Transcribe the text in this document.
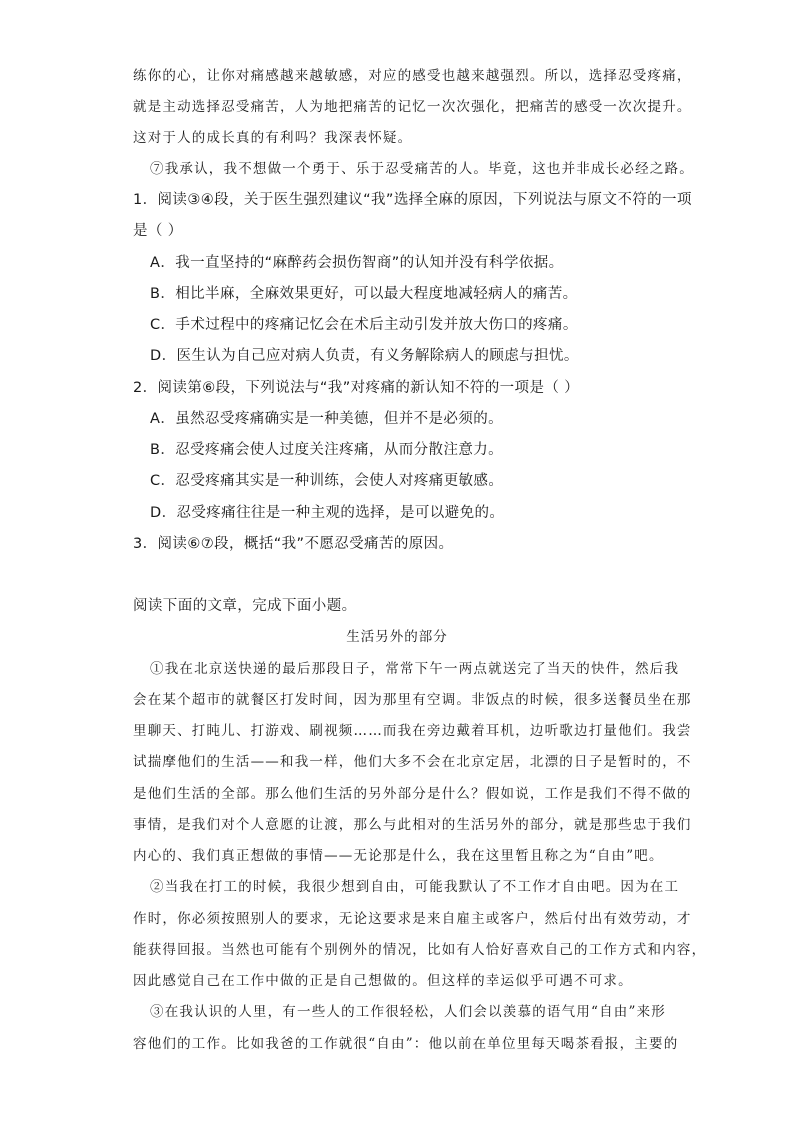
练你的心，让你对痛感越来越敏感，对应的感受也越来越强烈。所以，选择忍受疼痛，
就是主动选择忍受痛苦，人为地把痛苦的记忆一次次强化，把痛苦的感受一次次提升。
这对于人的成长真的有利吗？我深表怀疑。
⑦我承认，我不想做一个勇于、乐于忍受痛苦的人。毕竟，这也并非成长必经之路。
1．阅读③④段，关于医生强烈建议“我”选择全麻的原因，下列说法与原文不符的一项
是（ ）
A．我一直坚持的“麻醉药会损伤智商”的认知并没有科学依据。
B．相比半麻，全麻效果更好，可以最大程度地减轻病人的痛苦。
C．手术过程中的疼痛记忆会在术后主动引发并放大伤口的疼痛。
D．医生认为自己应对病人负责，有义务解除病人的顾虑与担忧。
2．阅读第⑥段，下列说法与“我”对疼痛的新认知不符的一项是（ ）
A．虽然忍受疼痛确实是一种美德，但并不是必须的。
B．忍受疼痛会使人过度关注疼痛，从而分散注意力。
C．忍受疼痛其实是一种训练，会使人对疼痛更敏感。
D．忍受疼痛往往是一种主观的选择，是可以避免的。
3．阅读⑥⑦段，概括“我”不愿忍受痛苦的原因。
阅读下面的文章，完成下面小题。
生活另外的部分
①我在北京送快递的最后那段日子，常常下午一两点就送完了当天的快件，然后我
会在某个超市的就餐区打发时间，因为那里有空调。非饭点的时候，很多送餐员坐在那
里聊天、打盹儿、打游戏、刷视频……而我在旁边戴着耳机，边听歌边打量他们。我尝
试揣摩他们的生活——和我一样，他们大多不会在北京定居，北漂的日子是暂时的，不
是他们生活的全部。那么他们生活的另外部分是什么？假如说，工作是我们不得不做的
事情，是我们对个人意愿的让渡，那么与此相对的生活另外的部分，就是那些忠于我们
内心的、我们真正想做的事情——无论那是什么，我在这里暂且称之为“自由”吧。
②当我在打工的时候，我很少想到自由，可能我默认了不工作才自由吧。因为在工
作时，你必须按照别人的要求，无论这要求是来自雇主或客户，然后付出有效劳动，才
能获得回报。当然也可能有个别例外的情况，比如有人恰好喜欢自己的工作方式和内容，
因此感觉自己在工作中做的正是自己想做的。但这样的幸运似乎可遇不可求。
③在我认识的人里，有一些人的工作很轻松，人们会以羡慕的语气用“自由”来形
容他们的工作。比如我爸的工作就很“自由”：他以前在单位里每天喝茶看报，主要的
